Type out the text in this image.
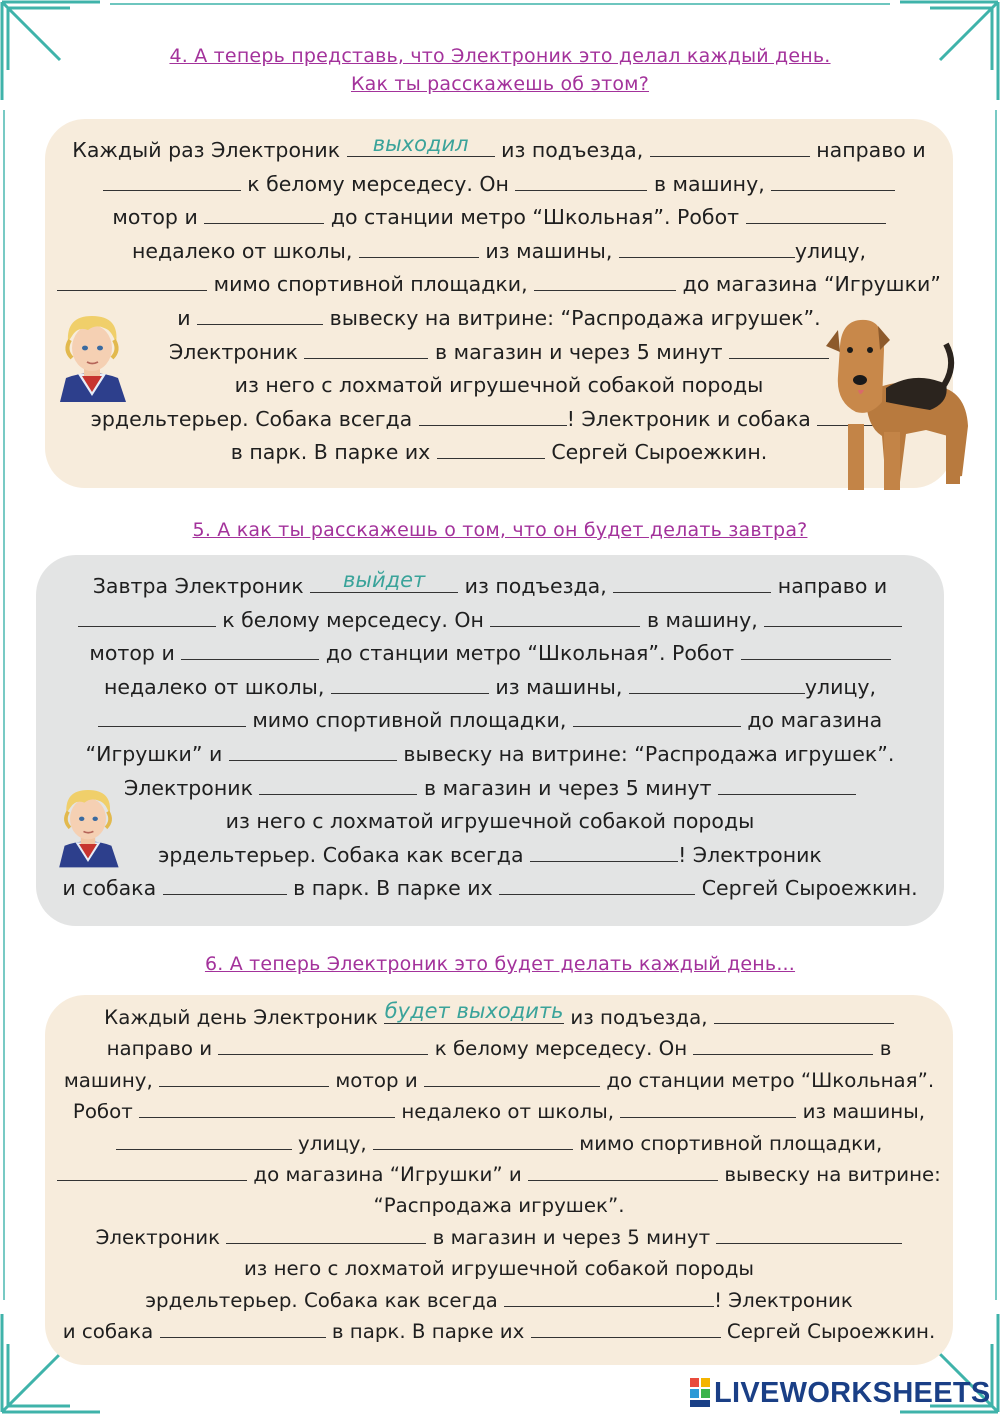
4. А теперь представь, что Электроник это делал каждый день.
Как ты расскажешь об этом?
Каждый раз Электроник	выходил	из подъезда,	направо и
к белому мерседесу. Он	в машину,
мотор и	до станции метро “Школьная”. Робот
недалеко от школы,	из машины,	улицу,
мимо спортивной площадки,	до магазина “Игрушки”
и	вывеску на витрине: “Распродажа игрушек”.
Электроник	в магазин и через 5 минут
из него с лохматой игрушечной собакой породы
эрдельтерьер. Собака всегда	! Электроник и собака
в парк. В парке их	Сергей Сыроежкин.
5. А как ты расскажешь о том, что он будет делать завтра?
Завтра Электроник	выйдет	из подъезда,	направо и
к белому мерседесу. Он	в машину,
мотор и	до станции метро “Школьная”. Робот
недалеко от школы,	из машины,	улицу,
мимо спортивной площадки,	до магазина
“Игрушки” и	вывеску на витрине: “Распродажа игрушек”.
Электроник	в магазин и через 5 минут
из него с лохматой игрушечной собакой породы
эрдельтерьер. Собака как всегда	! Электроник
и собака	в парк. В парке их	Сергей Сыроежкин.
6. А теперь Электроник это будет делать каждый день...
Каждый день Электроник будет выходить из подъезда,
направо и	к белому мерседесу. Он	в
машину,	мотор и	до станции метро “Школьная”.
Робот	недалеко от школы,	из машины,
улицу,	мимо спортивной площадки,
до магазина “Игрушки” и	вывеску на витрине:
“Распродажа игрушек”.
Электроник	в магазин и через 5 минут
из него с лохматой игрушечной собакой породы
эрдельтерьер. Собака как всегда	! Электроник
и собака	в парк. В парке их	Сергей Сыроежкин.
LIVEWORKSHEETS
